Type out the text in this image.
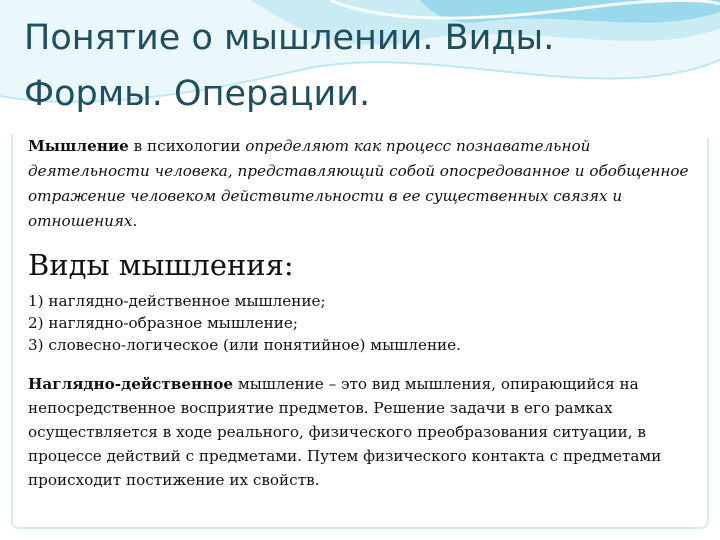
Понятие о мышлении. Виды.
Формы. Операции.

Мышление в психологии определяют как процесс познавательной деятельности человека, представляющий собой опосредованное и обобщенное отражение человеком действительности в ее существенных связях и отношениях.

Виды мышления:
1) наглядно-действенное мышление;
2) наглядно-образное мышление;
3) словесно-логическое (или понятийное) мышление.

Наглядно-действенное мышление – это вид мышления, опирающийся на непосредственное восприятие предметов. Решение задачи в его рамках осуществляется в ходе реального, физического преобразования ситуации, в процессе действий с предметами. Путем физического контакта с предметами происходит постижение их свойств.
